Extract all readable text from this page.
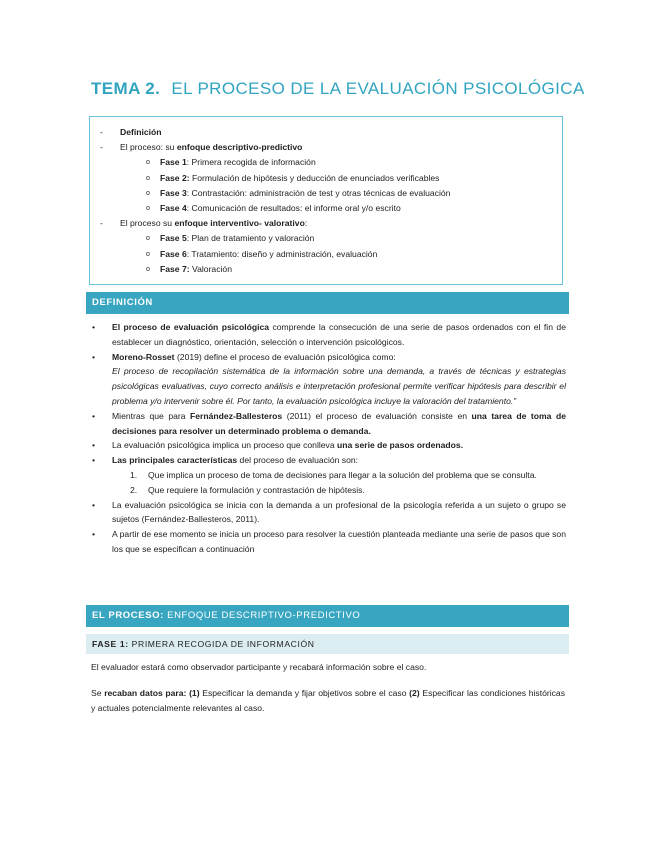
TEMA 2. EL PROCESO DE LA EVALUACIÓN PSICOLÓGICA
- Definición
- El proceso: su enfoque descriptivo-predictivo
o Fase 1: Primera recogida de información
o Fase 2: Formulación de hipótesis y deducción de enunciados verificables
o Fase 3: Contrastación: administración de test y otras técnicas de evaluación
o Fase 4: Comunicación de resultados: el informe oral y/o escrito
- El proceso su enfoque interventivo- valorativo:
o Fase 5: Plan de tratamiento y valoración
o Fase 6: Tratamiento: diseño y administración, evaluación
o Fase 7: Valoración
DEFINICIÓN
• El proceso de evaluación psicológica comprende la consecución de una serie de pasos ordenados con el fin de establecer un diagnóstico, orientación, selección o intervención psicológicos.
• Moreno-Rosset (2019) define el proceso de evaluación psicológica como:
El proceso de recopilación sistemática de la información sobre una demanda, a través de técnicas y estrategias psicológicas evaluativas, cuyo correcto análisis e interpretación profesional permite verificar hipótesis para describir el problema y/o intervenir sobre él. Por tanto, la evaluación psicológica incluye la valoración del tratamiento.”
• Mientras que para Fernández-Ballesteros (2011) el proceso de evaluación consiste en una tarea de toma de decisiones para resolver un determinado problema o demanda.
• La evaluación psicológica implica un proceso que conlleva una serie de pasos ordenados.
• Las principales características del proceso de evaluación son:
1. Que implica un proceso de toma de decisiones para llegar a la solución del problema que se consulta.
2. Que requiere la formulación y contrastación de hipótesis.
• La evaluación psicológica se inicia con la demanda a un profesional de la psicología referida a un sujeto o grupo se sujetos (Fernández-Ballesteros, 2011).
• A partir de ese momento se inicia un proceso para resolver la cuestión planteada mediante una serie de pasos que son los que se especifican a continuación
EL PROCESO: ENFOQUE DESCRIPTIVO-PREDICTIVO
FASE 1: PRIMERA RECOGIDA DE INFORMACIÓN
El evaluador estará como observador participante y recabará información sobre el caso.
Se recaban datos para: (1) Especificar la demanda y fijar objetivos sobre el caso (2) Especificar las condiciones históricas y actuales potencialmente relevantes al caso.
